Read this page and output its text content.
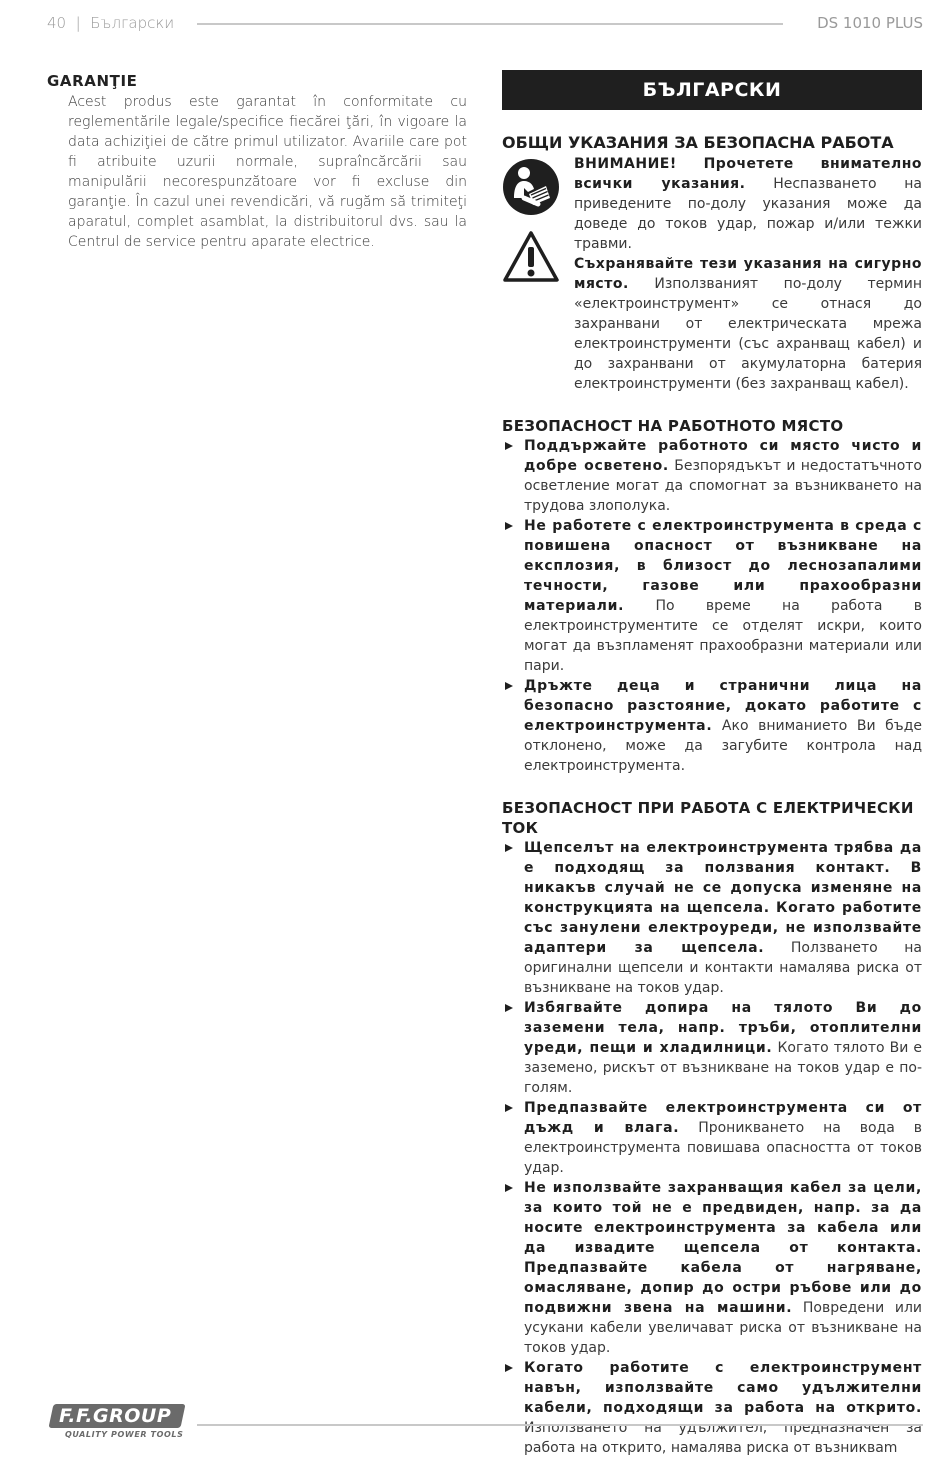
40 | Български	DS 1010 PLUS
GARANŢIE

Acest produs este garantat în conformitate cu reglementările legale/specifice fiecărei ţări, în vigoare la data achiziţiei de către primul utilizator. Avariile care pot fi atribuite uzurii normale, suprаîncărcării sau manipulării necorespunzătoare vor fi excluse din garanţie. În cazul unei revendicări, vă rugăm să trimiteţi aparatul, complet asamblat, la distribuitorul dvs. sau la Centrul de service pentru aparate electrice.

БЪЛГАРСКИ
ОБЩИ УКАЗАНИЯ ЗА БЕЗОПАСНА РАБОТА

ВНИМАНИЕ! Прочетете внимателно всички указания. Неспазването на приведените по-долу указания може да доведе до токов удар, пожар и/или тежки травми.

Съхранявайте тези указания на сигурно място. Използваният по-долу термин «електроинструмент» се отнася до захранвани от електрическата мрежа електроинструменти (със ахранващ кабел) и до захранвани от акумулаторна батерия електроинструменти (без захранващ кабел).

БЕЗОПАСНОСТ НА РАБОТНОТО МЯСТО
Поддържайте работното си място чисто и добре осветено. Безпорядъкът и недостатъчното осветление могат да спомогнат за възникването на трудова злополука.
Не работете с електроинструмента в среда с повишена опасност от възникване на експлозия, в близост до леснозапалими течности, газове или прахообразни материали. По време на работа в електроинструментите се отделят искри, които могат да възпламенят прахообразни материали или пари.
Дръжте деца и странични лица на безопасно разстояние, докато работите с електроинструмента. Ако вниманието Ви бъде отклонено, може да загубите контрола над електроинструмента.
БЕЗОПАСНОСТ ПРИ РАБОТА С ЕЛЕКТРИЧЕСКИ ТОК
Щепселът на електроинструмента трябва да е подходящ за ползвания контакт. В никакъв случай не се допуска изменяне на конструкцията на щепсела. Когато работите със занулени електроуреди, не използвайте адаптери за щепсела. Ползването на оригинални щепсели и контакти намалява риска от възникване на токов удар.
Избягвайте допира на тялото Ви до заземени тела, напр. тръби, отоплителни уреди, пещи и хладилници. Когато тялото Ви е заземено, рискът от възникване на токов удар е по-голям.
Предпазвайте електроинструмента си от дъжд и влага. Проникването на вода в електроинструмента повишава опасността от токов удар.
Не използвайте захранващия кабел за цели, за които той не е предвиден, напр. за да носите електроинструмента за кабела или да извадите щепсела от контакта. Предпазвайте кабела от нагряване, омасляване, допир до остри ръбове или до подвижни звена на машини. Повредени или усукани кабели увеличават риска от възникване на токов удар.
Когато работите с електроинструмент навън, използвайте само удължителни кабели, подходящи за работа на открито. Използването на удължител, предназначен за работа на открито, намалява риска от възникваm
F.F.GROUP
QUALITY POWER TOOLS
